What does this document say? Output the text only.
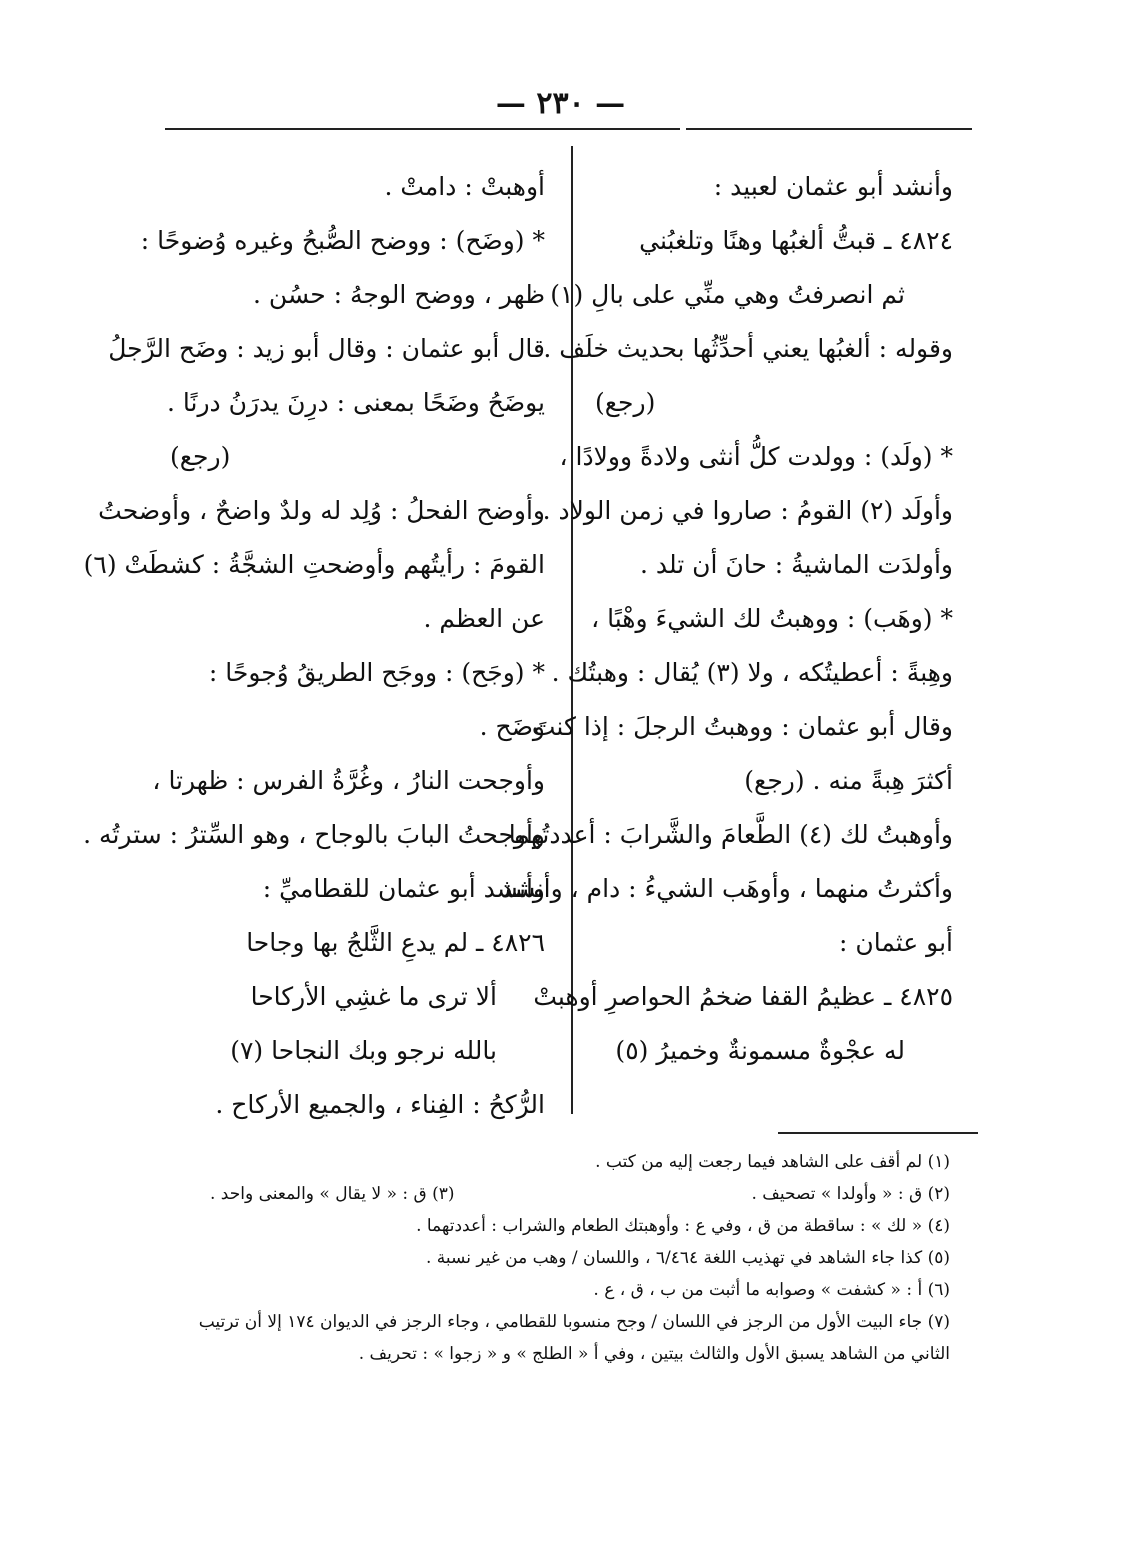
— ٢٣٠ —
وأنشد أبو عثمان لعبيد :
٤٨٢٤ ـ قبتُّ ألغبُها وهنًا وتلغبُني
ثم انصرفتُ وهي منِّي على بالِ (١)
وقوله : ألغبُها يعني أحدِّثُها بحديث خلَف .
(رجع)
* (ولَد) : وولدت كلُّ أنثى ولادةً وولادًا ،
وأولَد (٢) القومُ : صاروا في زمن الولاد .
وأولدَت الماشيةُ : حانَ أن تلد .
* (وهَب) : ووهبتُ لك الشيءَ وهْبًا ،
وهِبةً : أعطيتُكه ، ولا (٣) يُقال : وهبتُك .
وقال أبو عثمان : ووهبتُ الرجلَ : إذا كنتَ
أكثرَ هِبةً منه . (رجع)
وأوهبتُ لك (٤) الطَّعامَ والشَّرابَ : أعددتُهما
وأكثرتُ منهما ، وأوهَب الشيءُ : دام ، وأنشد
أبو عثمان :
٤٨٢٥ ـ عظيمُ القفا ضخمُ الحواصرِ أوهبتْ
له عجْوةٌ مسمونةٌ وخميرُ (٥)
أوهبتْ : دامتْ .
* (وضَح) : ووضح الصُّبحُ وغيره وُضوحًا :
ظهر ، ووضح الوجهُ : حسُن .
قال أبو عثمان : وقال أبو زيد : وضَح الرَّجلُ
يوضَحُ وضَحًا بمعنى : درِنَ يدرَنُ درنًا .
(رجع)
وأوضح الفحلُ : وُلِد له ولدٌ واضحٌ ، وأوضحتُ
القومَ : رأيتُهم وأوضحتِ الشجَّةُ : كشطَتْ (٦)
عن العظم .
* (وجَح) : ووجَح الطريقُ وُجوحًا :
وضَح .
وأوجحت النارُ ، وغُرَّةُ الفرس : ظهرتا ،
وأوجحتُ البابَ بالوجاح ، وهو السِّترُ : سترتُه .
وأنشد أبو عثمان للقطاميِّ :
٤٨٢٦ ـ لم يدعِ الثَّلجُ بها وجاحا
ألا ترى ما غشِي الأركاحا
بالله نرجو وبك النجاحا (٧)
الرُّكحُ : الفِناء ، والجميع الأركاح .
(١) لم أقف على الشاهد فيما رجعت إليه من كتب .
(٢) ق : « وأولدا » تصحيف .
(٣) ق : « لا يقال » والمعنى واحد .
(٤) « لك » : ساقطة من ق ، وفي ع : وأوهبتك الطعام والشراب : أعددتهما .
(٥) كذا جاء الشاهد في تهذيب اللغة ٦/٤٦٤ ، واللسان / وهب من غير نسبة .
(٦) أ : « كشفت » وصوابه ما أثبت من ب ، ق ، ع .
(٧) جاء البيت الأول من الرجز في اللسان / وجح منسوبا للقطامي ، وجاء الرجز في الديوان ١٧٤ إلا أن ترتيب
الثاني من الشاهد يسبق الأول والثالث بيتين ، وفي أ « الطلج » و « زجوا » : تحريف .
